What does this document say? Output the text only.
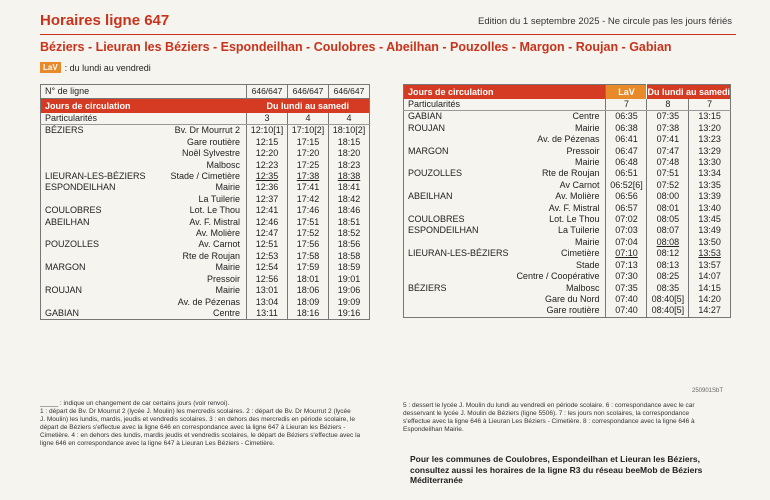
Horaires ligne 647	Edition du 1 septembre 2025 - Ne circule pas les jours fériés
Béziers - Lieuran les Béziers - Espondeilhan - Coulobres - Abeilhan - Pouzolles - Margon - Roujan - Gabian
LaV : du lundi au vendredi
N° de ligne		646/647	646/647	646/647
Jours de circulation		Du lundi au samedi		
Particularités		3	4	4
BÉZIERS	Bv. Dr Mourrut 2	12:10[1]	17:10[2]	18:10[2]
	Gare routière	12:15	17:15	18:15
	Noël Sylvestre	12:20	17:20	18:20
	Malbosc	12:23	17:25	18:23
LIEURAN-LES-BÉZIERS	Stade / Cimetière	12:35	17:38	18:38
ESPONDEILHAN	Mairie	12:36	17:41	18:41
	La Tuilerie	12:37	17:42	18:42
COULOBRES	Lot. Le Thou	12:41	17:46	18:46
ABEILHAN	Av. F. Mistral	12:46	17:51	18:51
	Av. Molière	12:47	17:52	18:52
POUZOLLES	Av. Carnot	12:51	17:56	18:56
	Rte de Roujan	12:53	17:58	18:58
MARGON	Mairie	12:54	17:59	18:59
	Pressoir	12:56	18:01	19:01
ROUJAN	Mairie	13:01	18:06	19:06
	Av. de Pézenas	13:04	18:09	19:09
GABIAN	Centre	13:11	18:16	19:16
Jours de circulation		LaV	Du lundi au samedi	
Particularités		7	8	7
GABIAN	Centre	06:35	07:35	13:15
ROUJAN	Mairie	06:38	07:38	13:20
	Av. de Pézenas	06:41	07:41	13:23
MARGON	Pressoir	06:47	07:47	13:29
	Mairie	06:48	07:48	13:30
POUZOLLES	Rte de Roujan	06:51	07:51	13:34
	Av Carnot	06:52[6]	07:52	13:35
ABEILHAN	Av. Molière	06:56	08:00	13:39
	Av. F. Mistral	06:57	08:01	13:40
COULOBRES	Lot. Le Thou	07:02	08:05	13:45
ESPONDEILHAN	La Tuilerie	07:03	08:07	13:49
	Mairie	07:04	08:08	13:50
LIEURAN-LES-BÉZIERS	Cimetière	07:10	08:12	13:53
	Stade	07:13	08:13	13:57
	Centre / Coopérative	07:30	08:25	14:07
BÉZIERS	Malbosc	07:35	08:35	14:15
	Gare du Nord	07:40	08:40[5]	14:20
	Gare routière	07:40	08:40[5]	14:27
250901SbT
_____ : indique un changement de car certains jours (voir renvoi).
1 : départ de Bv. Dr Mourrut 2 (lycée J. Moulin) les mercredis scolaires. 2 : départ de Bv. Dr Mourrut 2 (lycée
J. Moulin) les lundis, mardis, jeudis et vendredis scolaires. 3 : en dehors des mercredis en période scolaire, le
départ de Béziers s'effectue avec la ligne 646 en correspondance avec la ligne 647 à Lieuran les Béziers -
Cimetière. 4 : en dehors des lundis, mardis jeudis et vendredis scolaires, le départ de Béziers s'effectue avec la
ligne 646 en correspondance avec la ligne 647 à Lieuran Les Béziers - Cimetière.
5 : dessert le lycée J. Moulin du lundi au vendredi en période scolaire. 6 : correspondance avec le car
desservant le lycée J. Moulin de Béziers (ligne 5506). 7 : les jours non scolaires, la correspondance
s'effectue avec la ligne 646 à Lieuran Les Béziers - Cimetière. 8 : correspondance avec la ligne 646 à
Espondeilhan Mairie.
Pour les communes de Coulobres, Espondeilhan et Lieuran les Béziers, consultez aussi les horaires de la ligne R3 du réseau beeMob de Béziers Méditerranée
